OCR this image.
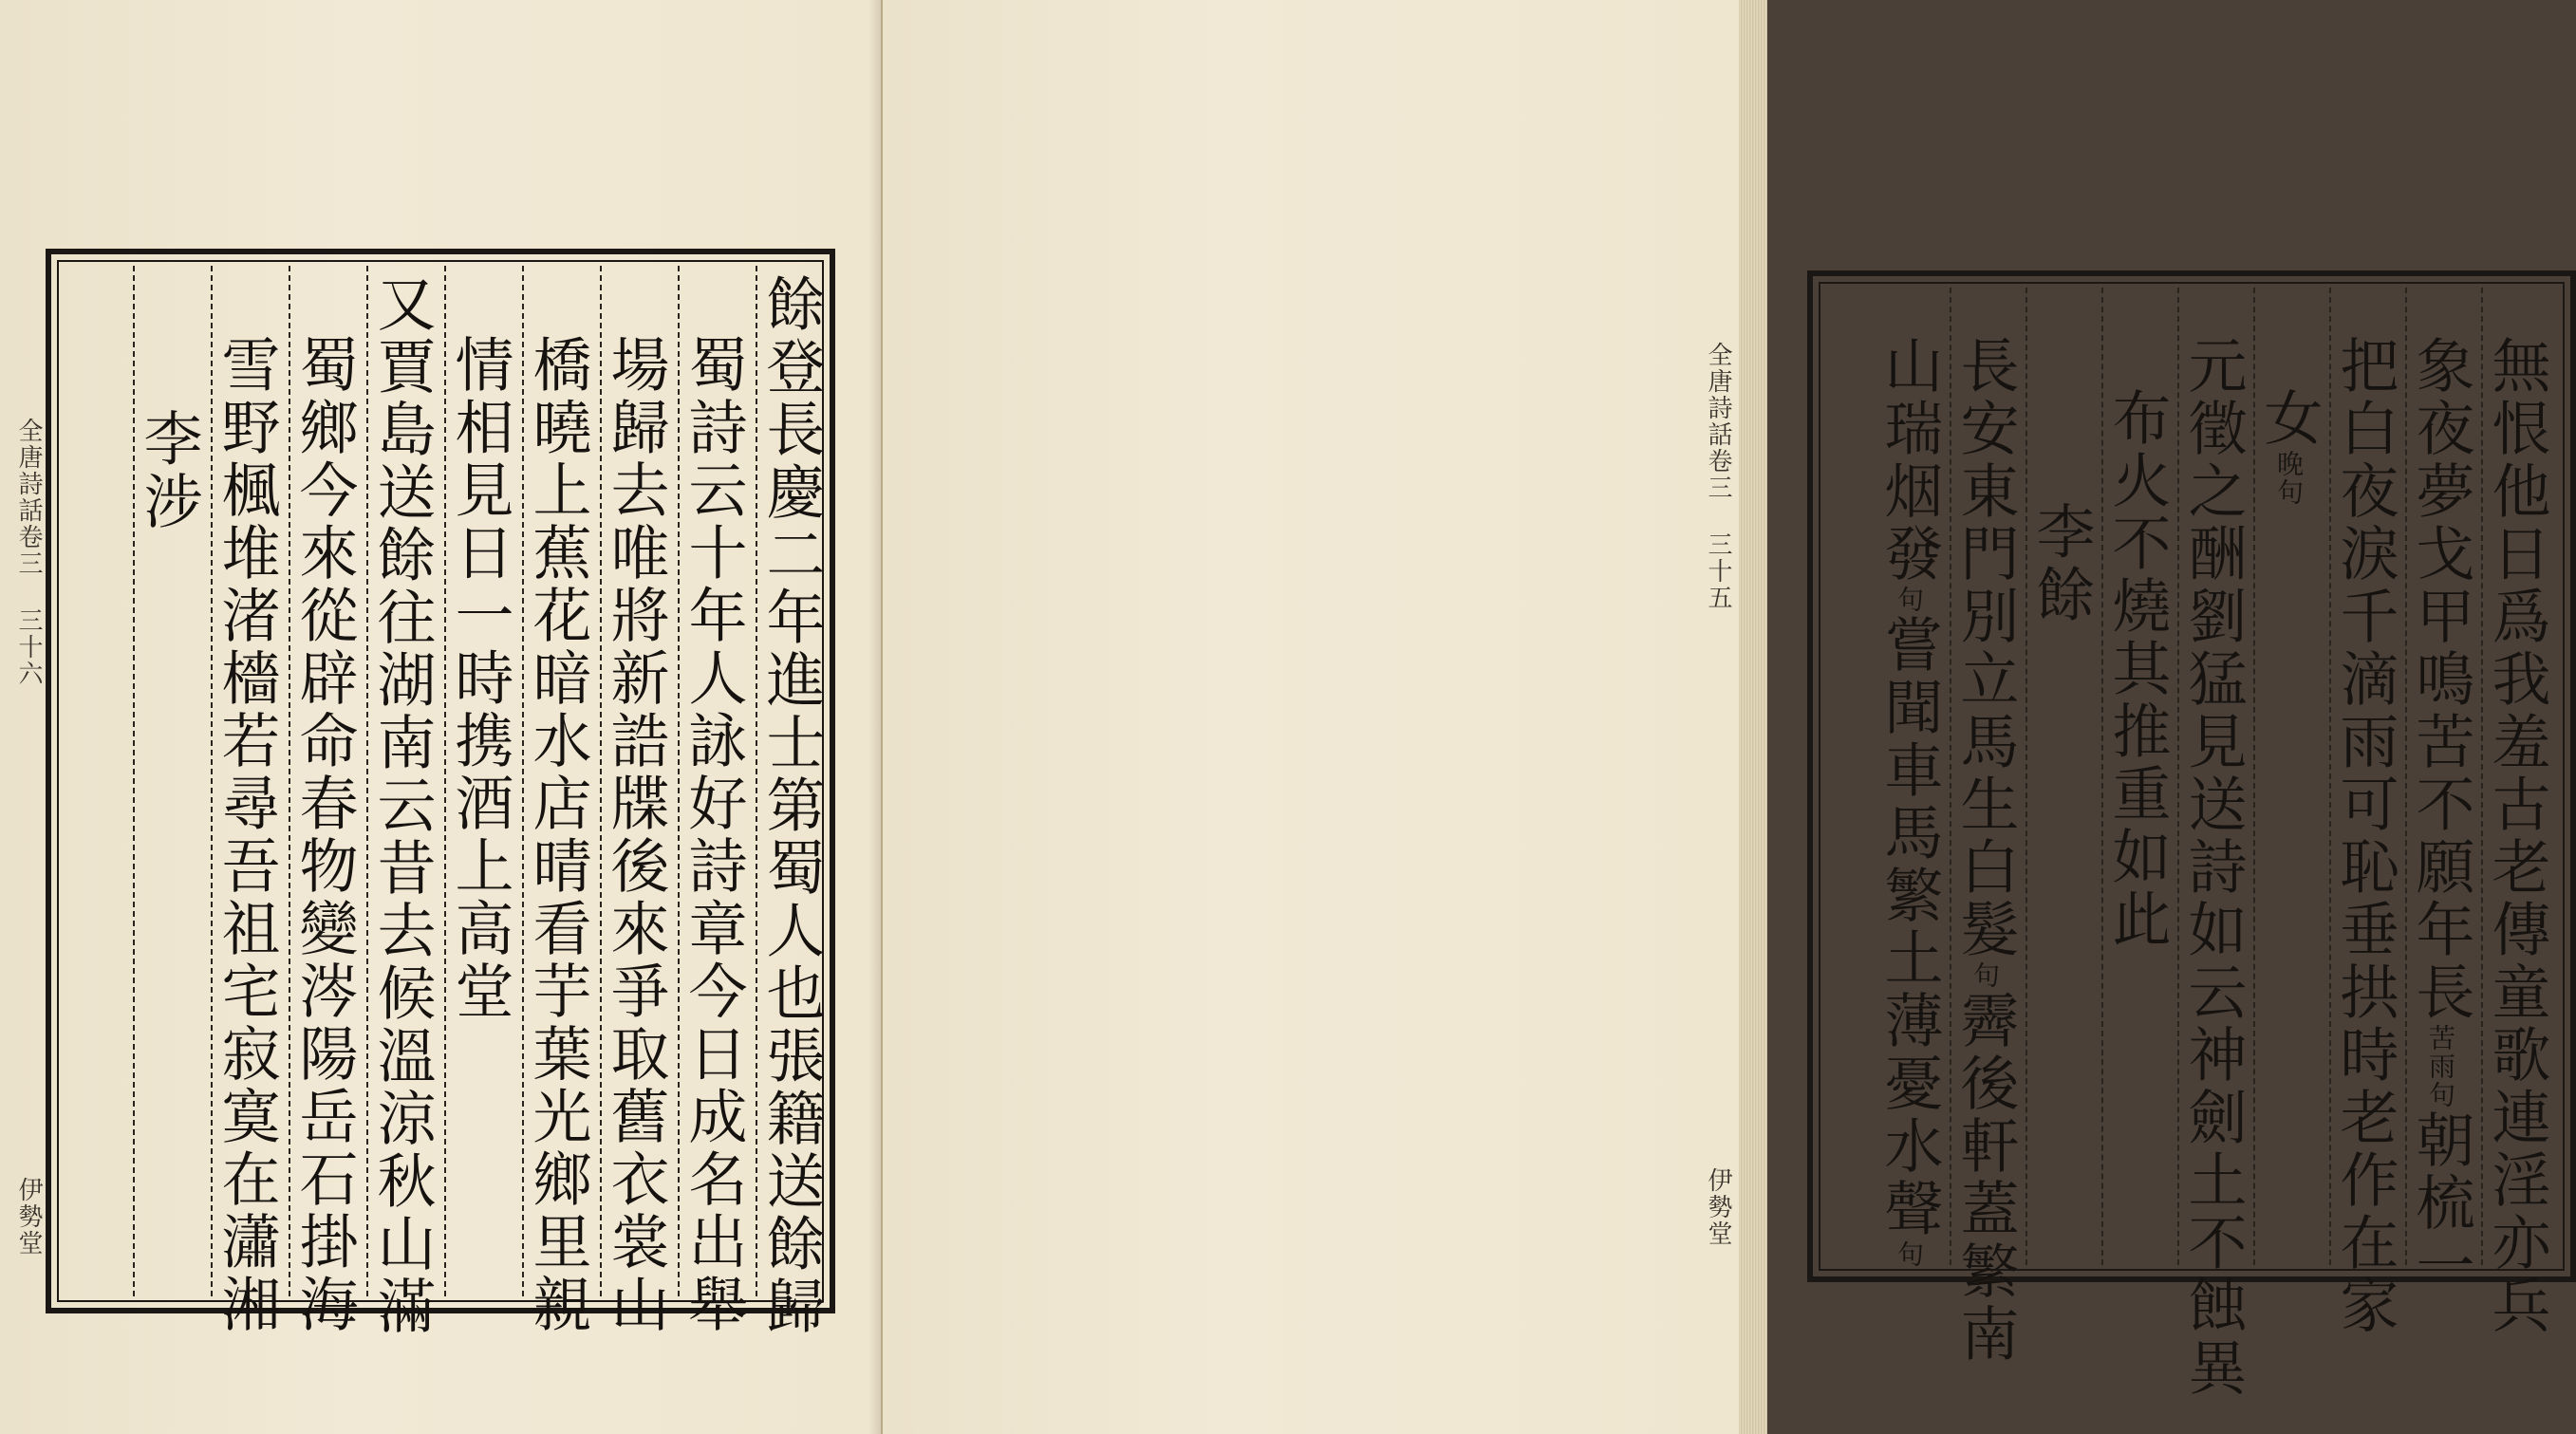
全唐詩話卷三
三十六
伊勢堂	餘登長慶二年進士第蜀人也張籍送餘歸
蜀詩云十年人詠好詩章今日成名出舉
場歸去唯將新誥牒後來爭取舊衣裳山
橋曉上蕉花暗水店晴看芋葉光鄉里親
情相見日一時携酒上高堂
又賈島送餘往湖南云昔去候溫涼秋山滿
蜀鄉今來從辟命春物變涔陽岳石掛海
雪野楓堆渚檣若尋吾祖宅寂寞在瀟湘
李涉	全唐詩話卷三
三十五
伊勢堂	無恨他日爲我羞古老傳童歌連淫亦兵
象夜夢戈甲鳴苦不願年長苦雨句朝梳一
把白夜淚千滴雨可恥垂拱時老作在家
女晚句
元徵之酬劉猛見送詩如云神劍土不蝕異
布火不燒其推重如此
李餘
長安東門別立馬生白髮句霽後軒蓋繁南
山瑞烟發句嘗聞車馬繁土薄憂水聲句
